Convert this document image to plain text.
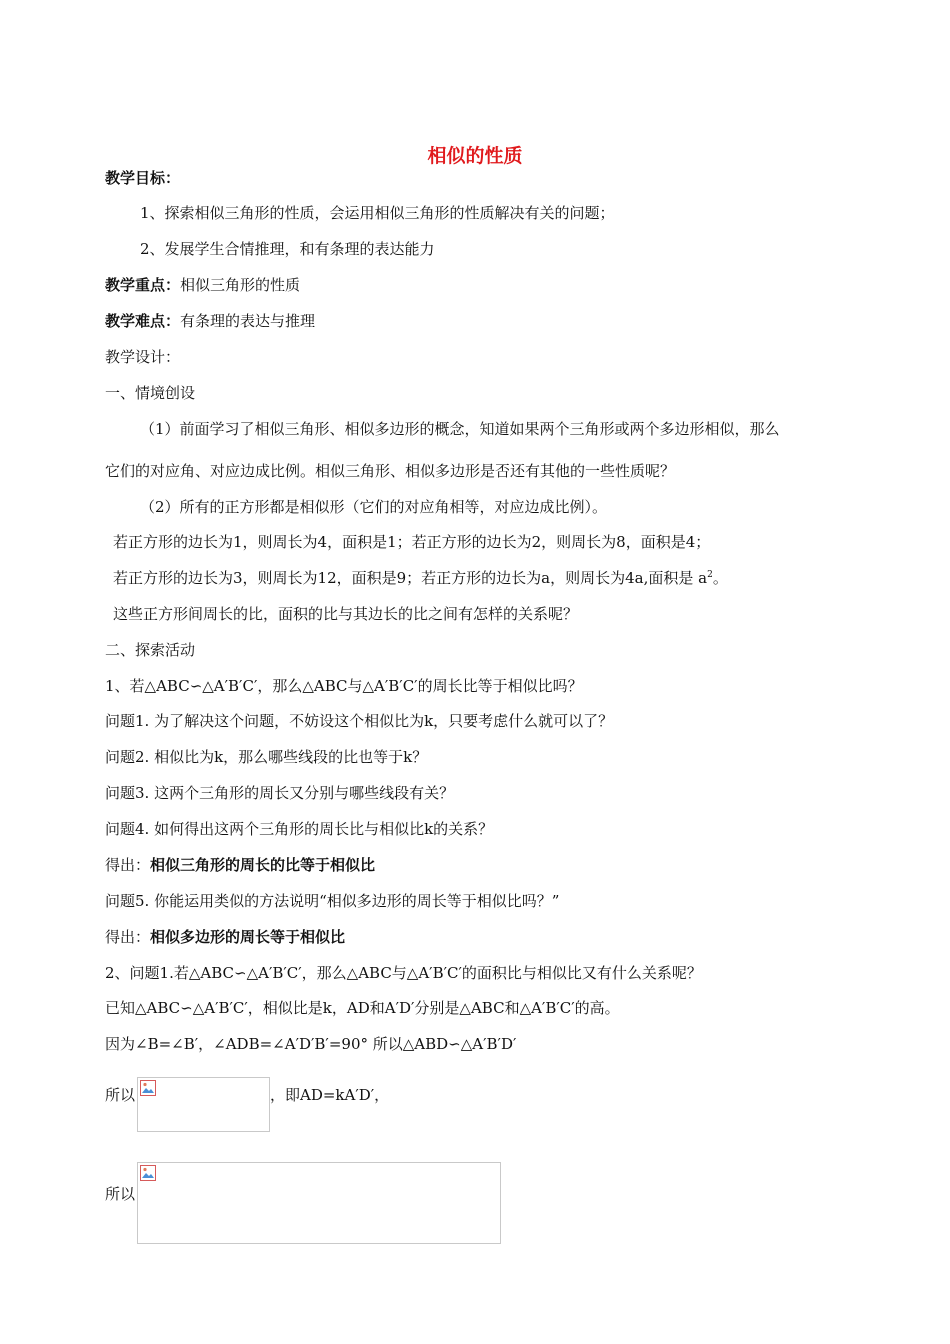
相似的性质
教学目标：
1、探索相似三角形的性质，会运用相似三角形的性质解决有关的问题；
2、发展学生合情推理，和有条理的表达能力
教学重点：相似三角形的性质
教学难点：有条理的表达与推理
教学设计：
一、情境创设
（1）前面学习了相似三角形、相似多边形的概念，知道如果两个三角形或两个多边形相似，那么
它们的对应角、对应边成比例。相似三角形、相似多边形是否还有其他的一些性质呢？
（2）所有的正方形都是相似形（它们的对应角相等，对应边成比例）。
若正方形的边长为1，则周长为4，面积是1；若正方形的边长为2，则周长为8，面积是4；
若正方形的边长为3，则周长为12，面积是9；若正方形的边长为a，则周长为4a,面积是 $a^2$。
这些正方形间周长的比，面积的比与其边长的比之间有怎样的关系呢？
二、探索活动
1、若△ABC∽△A′B′C′，那么△ABC与△A′B′C′的周长比等于相似比吗？
问题1. 为了解决这个问题，不妨设这个相似比为k，只要考虑什么就可以了？
问题2. 相似比为k，那么哪些线段的比也等于k？
问题3. 这两个三角形的周长又分别与哪些线段有关？
问题4. 如何得出这两个三角形的周长比与相似比k的关系？
得出：相似三角形的周长的比等于相似比
问题5. 你能运用类似的方法说明“相似多边形的周长等于相似比吗？”
得出：相似多边形的周长等于相似比
2、问题1.若△ABC∽△A′B′C′，那么△ABC与△A′B′C′的面积比与相似比又有什么关系呢？
已知△ABC∽△A′B′C′，相似比是k，AD和A′D′分别是△ABC和△A′B′C′的高。
因为∠B=∠B′，∠ADB=∠A′D′B′=90° 所以△ABD∽△A′B′D′
所以	，即AD=kA′D′，
所以
